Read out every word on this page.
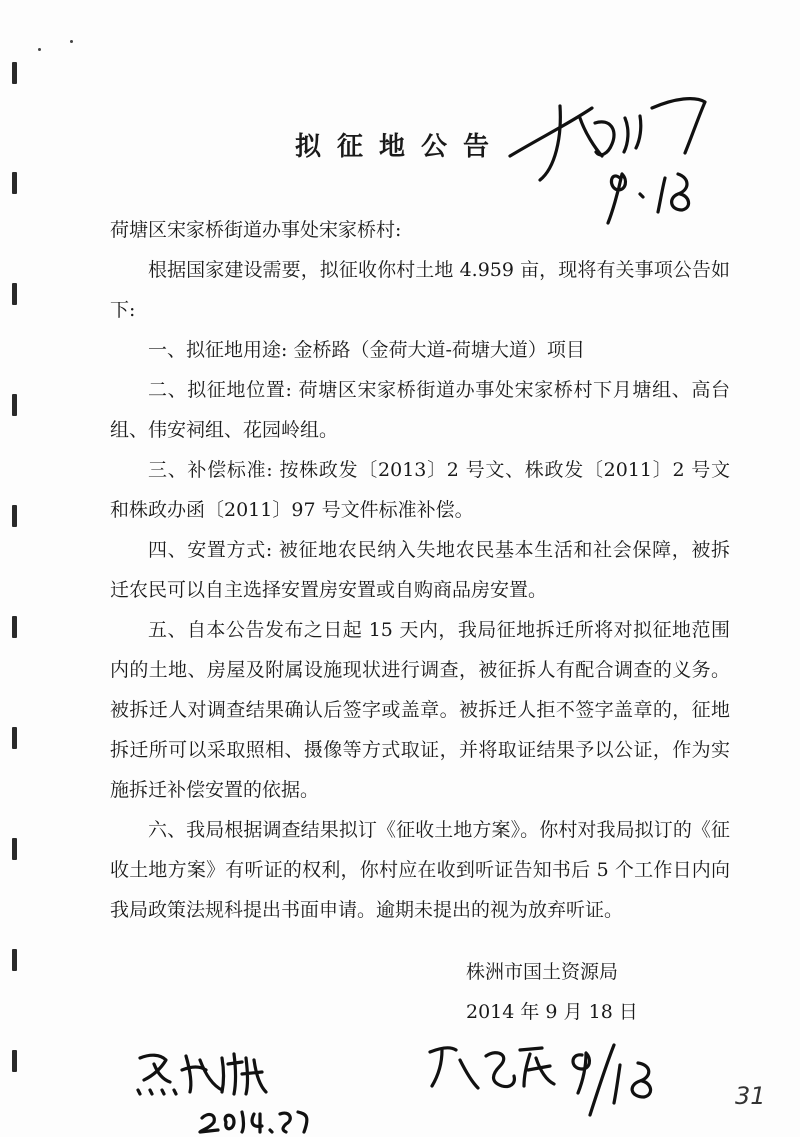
拟征地公告
荷塘区宋家桥街道办事处宋家桥村:

根据国家建设需要，拟征收你村土地 4.959 亩，现将有关事项公告如下:

一、拟征地用途: 金桥路（金荷大道-荷塘大道）项目

二、拟征地位置: 荷塘区宋家桥街道办事处宋家桥村下月塘组、高台组、伟安祠组、花园岭组。

三、补偿标准: 按株政发〔2013〕2 号文、株政发〔2011〕2 号文和株政办函〔2011〕97 号文件标准补偿。

四、安置方式: 被征地农民纳入失地农民基本生活和社会保障，被拆迁农民可以自主选择安置房安置或自购商品房安置。

五、自本公告发布之日起 15 天内，我局征地拆迁所将对拟征地范围内的土地、房屋及附属设施现状进行调查，被征拆人有配合调查的义务。被拆迁人对调查结果确认后签字或盖章。被拆迁人拒不签字盖章的，征地拆迁所可以采取照相、摄像等方式取证，并将取证结果予以公证，作为实施拆迁补偿安置的依据。

六、我局根据调查结果拟订《征收土地方案》。你村对我局拟订的《征收土地方案》有听证的权利，你村应在收到听证告知书后 5 个工作日内向我局政策法规科提出书面申请。逾期未提出的视为放弃听证。

株洲市国土资源局
2014 年 9 月 18 日
31
